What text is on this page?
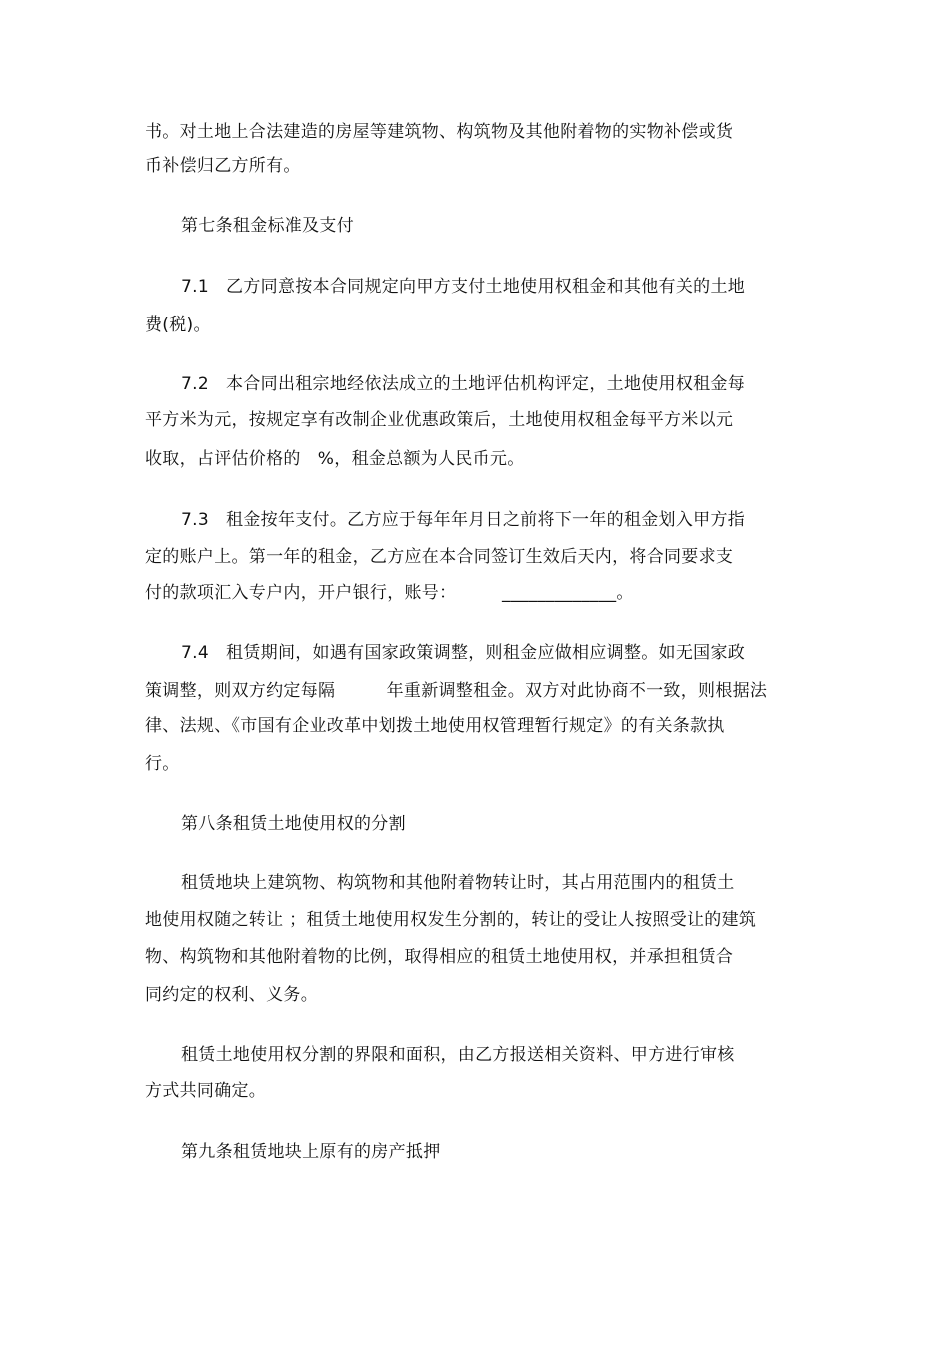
书。对土地上合法建造的房屋等建筑物、构筑物及其他附着物的实物补偿或货
币补偿归乙方所有。
第七条租金标准及支付
7.1   乙方同意按本合同规定向甲方支付土地使用权租金和其他有关的土地
费(税)。
7.2   本合同出租宗地经依法成立的土地评估机构评定，土地使用权租金每
平方米为元，按规定享有改制企业优惠政策后，土地使用权租金每平方米以元
收取，占评估价格的   %，租金总额为人民币元。
7.3   租金按年支付。乙方应于每年年月日之前将下一年的租金划入甲方指
定的账户上。第一年的租金，乙方应在本合同签订生效后天内，将合同要求支
付的款项汇入专户内，开户银行，账号：        _____________。
7.4   租赁期间，如遇有国家政策调整，则租金应做相应调整。如无国家政
策调整，则双方约定每隔         年重新调整租金。双方对此协商不一致，则根据法
律、法规、《市国有企业改革中划拨土地使用权管理暂行规定》的有关条款执
行。
第八条租赁土地使用权的分割
租赁地块上建筑物、构筑物和其他附着物转让时，其占用范围内的租赁土
地使用权随之转让 ；租赁土地使用权发生分割的，转让的受让人按照受让的建筑
物、构筑物和其他附着物的比例，取得相应的租赁土地使用权，并承担租赁合
同约定的权利、义务。
租赁土地使用权分割的界限和面积，由乙方报送相关资料、甲方进行审核
方式共同确定。
第九条租赁地块上原有的房产抵押
